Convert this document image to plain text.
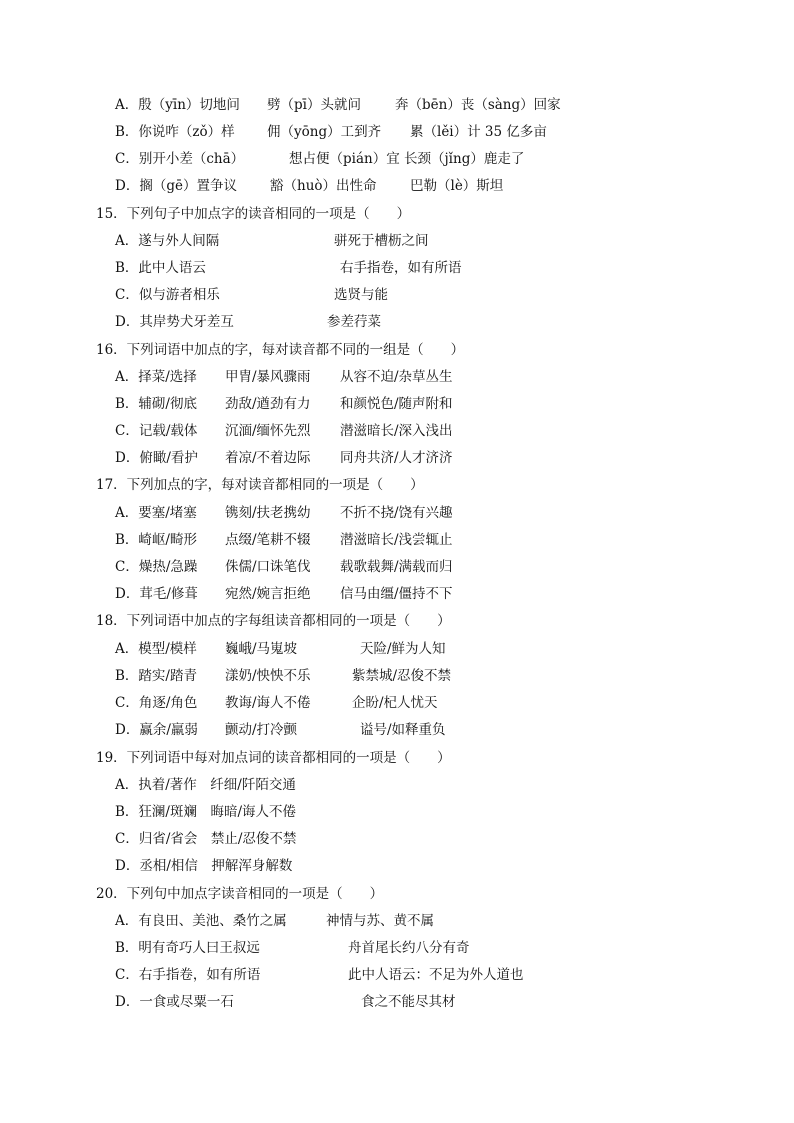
A．殷（yīn）切地问 劈（pī）头就问	奔（bēn）丧（sàng）回家
B．你说咋（zǒ）样 佣（yōng）工到齐 累（lěi）计 35 亿多亩
C．别开小差（chā）	想占便（pián）宜 长颈（jǐng）鹿走了
D．搁（gē）置争议 豁（huò）出性命 巴勒（lè）斯坦
15．下列句子中加点字的读音相同的一项是（　　）
A．遂与外人间隔	骈死于槽枥之间
B．此中人语云	右手指卷，如有所语
C．似与游者相乐	选贤与能
D．其岸势犬牙差互	参差荇菜
16．下列词语中加点的字，每对读音都不同的一组是（　　）
A．择菜/选择 甲胄/暴风骤雨 从容不迫/杂草丛生
B．辅砌/彻底 劲敌/遒劲有力 和颜悦色/随声附和
C．记载/载体 沉湎/缅怀先烈 潜滋暗长/深入浅出
D．俯瞰/看护 着凉/不着边际 同舟共济/人才济济
17．下列加点的字，每对读音都相同的一项是（　　）
A．要塞/堵塞 镌刻/扶老携幼 不折不挠/饶有兴趣
B．崎岖/畸形 点缀/笔耕不辍 潜滋暗长/浅尝辄止
C．燥热/急躁 侏儒/口诛笔伐 载歌载舞/满载而归
D．茸毛/修葺 宛然/婉言拒绝 信马由缰/僵持不下
18．下列词语中加点的字每组读音都相同的一项是（　　）
A．模型/模样 巍峨/马嵬坡	天险/鲜为人知
B．踏实/踏青 漾奶/怏怏不乐	紫禁城/忍俊不禁
C．角逐/角色 教诲/诲人不倦	企盼/杞人忧天
D．赢余/羸弱 颤动/打冷颤	谥号/如释重负
19．下列词语中每对加点词的读音都相同的一项是（　　）
A．执着/著作　纤细/阡陌交通
B．狂澜/斑斓　晦暗/诲人不倦
C．归省/省会　禁止/忍俊不禁
D．丞相/相信　押解浑身解数
20．下列句中加点字读音相同的一项是（　　）
A．有良田、美池、桑竹之属	神情与苏、黄不属
B．明有奇巧人曰王叔远	舟首尾长约八分有奇
C．右手指卷，如有所语	此中人语云：不足为外人道也
D．一食或尽粟一石	食之不能尽其材
